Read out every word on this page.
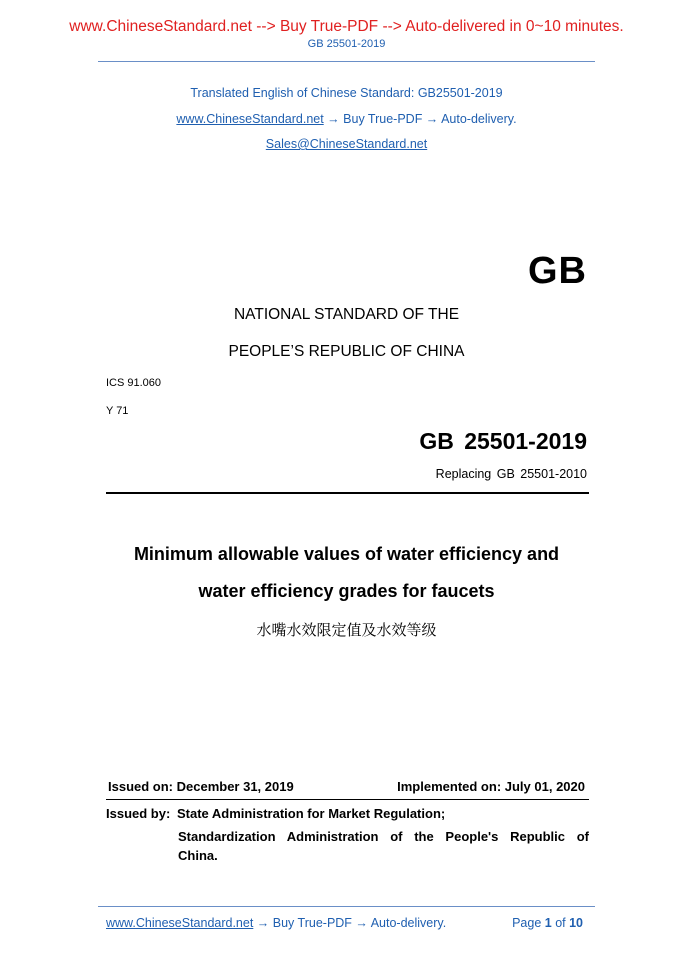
www.ChineseStandard.net --> Buy True-PDF --> Auto-delivered in 0~10 minutes.
GB 25501-2019
Translated English of Chinese Standard: GB25501-2019
www.ChineseStandard.net → Buy True-PDF → Auto-delivery.
Sales@ChineseStandard.net
GB
NATIONAL STANDARD OF THE
PEOPLE’S REPUBLIC OF CHINA
ICS 91.060
Y 71
GB 25501-2019
Replacing GB 25501-2010
Minimum allowable values of water efficiency and
water efficiency grades for faucets
水嘴水效限定值及水效等级
Issued on: December 31, 2019	Implemented on: July 01, 2020
Issued by: State Administration for Market Regulation;
Standardization Administration of the People's Republic of
China.
www.ChineseStandard.net → Buy True-PDF → Auto-delivery.	Page 1 of 10
